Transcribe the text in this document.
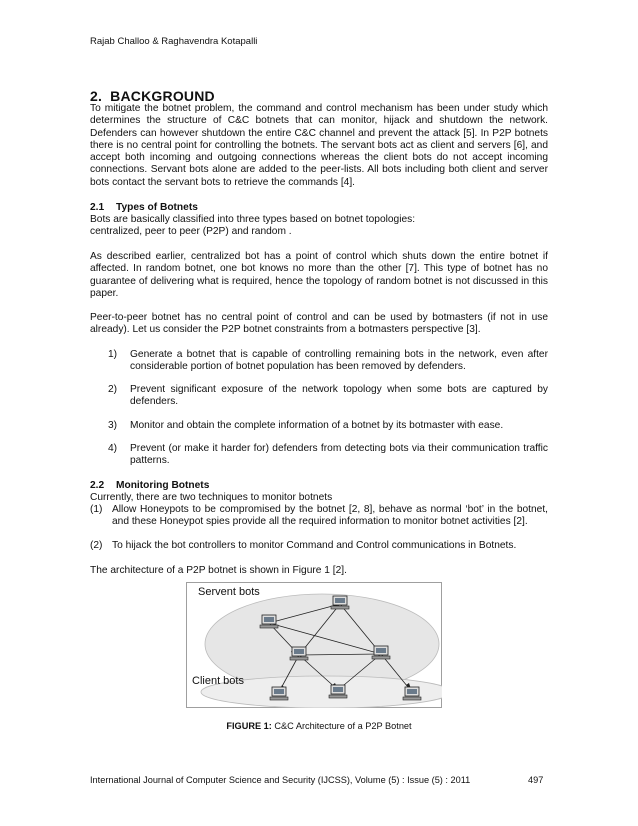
Rajab Challoo & Raghavendra Kotapalli
2. BACKGROUND
To mitigate the botnet problem, the command and control mechanism has been under study which determines the structure of C&C botnets that can monitor, hijack and shutdown the network. Defenders can however shutdown the entire C&C channel and prevent the attack [5]. In P2P botnets there is no central point for controlling the botnets. The servant bots act as client and servers [6], and accept both incoming and outgoing connections whereas the client bots do not accept incoming connections. Servant bots alone are added to the peer-lists. All bots including both client and server bots contact the servant bots to retrieve the commands [4].
2.1 Types of Botnets
Bots are basically classified into three types based on botnet topologies:
centralized, peer to peer (P2P) and random .
As described earlier, centralized bot has a point of control which shuts down the entire botnet if affected. In random botnet, one bot knows no more than the other [7]. This type of botnet has no guarantee of delivering what is required, hence the topology of random botnet is not discussed in this paper.
Peer-to-peer botnet has no central point of control and can be used by botmasters (if not in use already). Let us consider the P2P botnet constraints from a botmasters perspective [3].
1) Generate a botnet that is capable of controlling remaining bots in the network, even after considerable portion of botnet population has been removed by defenders.
2) Prevent significant exposure of the network topology when some bots are captured by defenders.
3) Monitor and obtain the complete information of a botnet by its botmaster with ease.
4) Prevent (or make it harder for) defenders from detecting bots via their communication traffic patterns.
2.2 Monitoring Botnets
Currently, there are two techniques to monitor botnets
(1) Allow Honeypots to be compromised by the botnet [2, 8], behave as normal ‘bot’ in the botnet, and these Honeypot spies provide all the required information to monitor botnet activities [2].
(2) To hijack the bot controllers to monitor Command and Control communications in Botnets.
The architecture of a P2P botnet is shown in Figure 1 [2].
Servent bots
Client bots
FIGURE 1: C&C Architecture of a P2P Botnet
International Journal of Computer Science and Security (IJCSS), Volume (5) : Issue (5) : 2011	497
